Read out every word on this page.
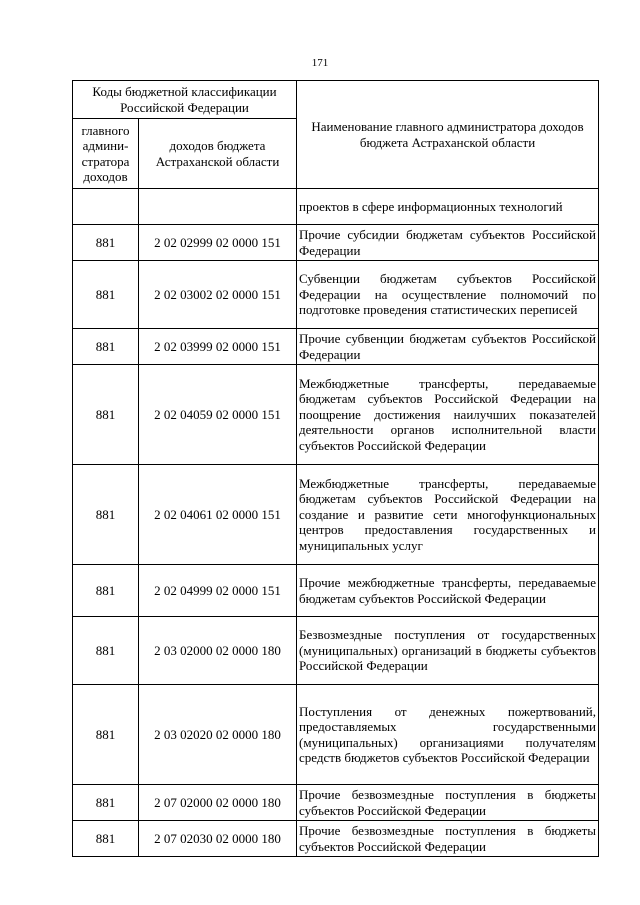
171
Коды бюджетной классификации Российской Федерации		Наименование главного администратора доходов бюджета Астраханской области
главного админи-стратора доходов	доходов бюджета Астраханской области	
		проектов в сфере информационных технологий
881	2 02 02999 02 0000 151	Прочие субсидии бюджетам субъектов Российской Федерации
881	2 02 03002 02 0000 151	Субвенции бюджетам субъектов Российской Федерации на осуществление полномочий по подготовке проведения статистических переписей
881	2 02 03999 02 0000 151	Прочие субвенции бюджетам субъектов Российской Федерации
881	2 02 04059 02 0000 151	Межбюджетные трансферты, передаваемые бюджетам субъектов Российской Федерации на поощрение достижения наилучших показателей деятельности органов исполнительной власти субъектов Российской Федерации
881	2 02 04061 02 0000 151	Межбюджетные трансферты, передаваемые бюджетам субъектов Российской Федерации на создание и развитие сети многофункциональных центров предоставления государственных и муниципальных услуг
881	2 02 04999 02 0000 151	Прочие межбюджетные трансферты, передаваемые бюджетам субъектов Российской Федерации
881	2 03 02000 02 0000 180	Безвозмездные поступления от государственных (муниципальных) организаций в бюджеты субъектов Российской Федерации
881	2 03 02020 02 0000 180	Поступления от денежных пожертвований, предоставляемых государственными (муниципальных) организациями получателям средств бюджетов субъектов Российской Федерации
881	2 07 02000 02 0000 180	Прочие безвозмездные поступления в бюджеты субъектов Российской Федерации
881	2 07 02030 02 0000 180	Прочие безвозмездные поступления в бюджеты субъектов Российской Федерации
